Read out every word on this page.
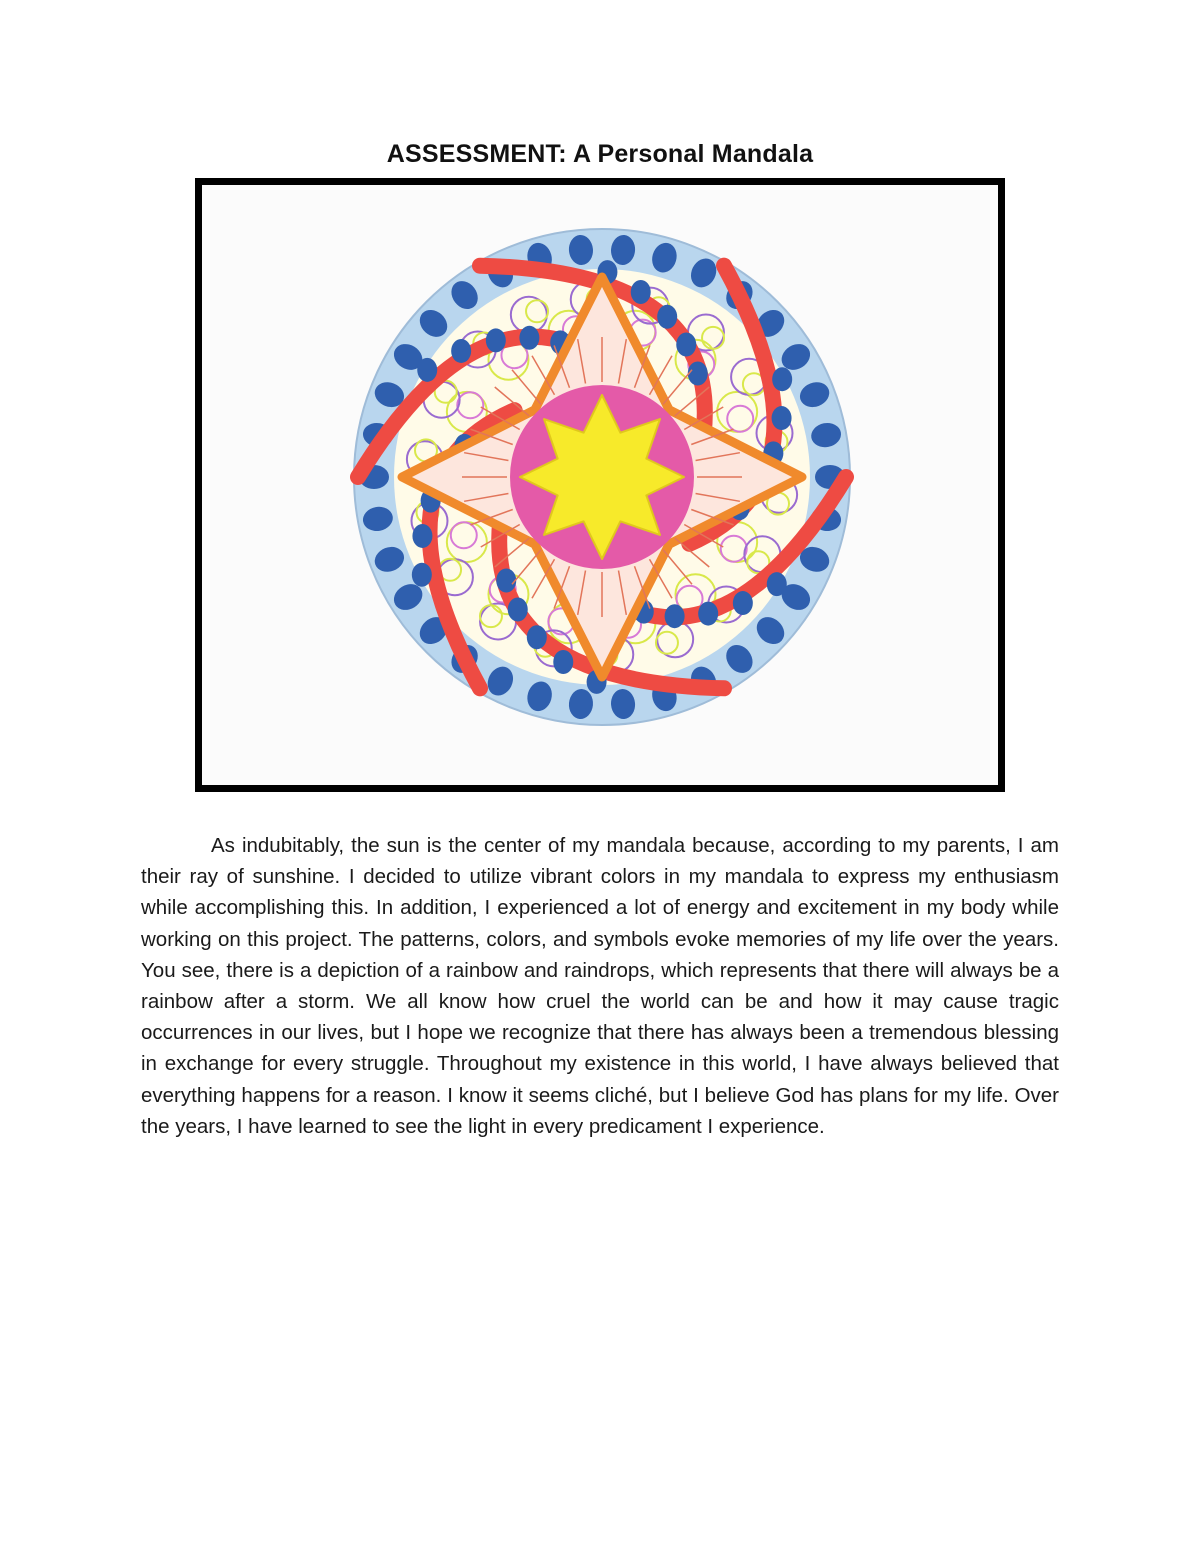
ASSESSMENT: A Personal Mandala

As indubitably, the sun is the center of my mandala because, according to my parents, I am their ray of sunshine. I decided to utilize vibrant colors in my mandala to express my enthusiasm while accomplishing this. In addition, I experienced a lot of energy and excitement in my body while working on this project. The patterns, colors, and symbols evoke memories of my life over the years. You see, there is a depiction of a rainbow and raindrops, which represents that there will always be a rainbow after a storm. We all know how cruel the world can be and how it may cause tragic occurrences in our lives, but I hope we recognize that there has always been a tremendous blessing in exchange for every struggle. Throughout my existence in this world, I have always believed that everything happens for a reason. I know it seems cliché, but I believe God has plans for my life. Over the years, I have learned to see the light in every predicament I experience.
